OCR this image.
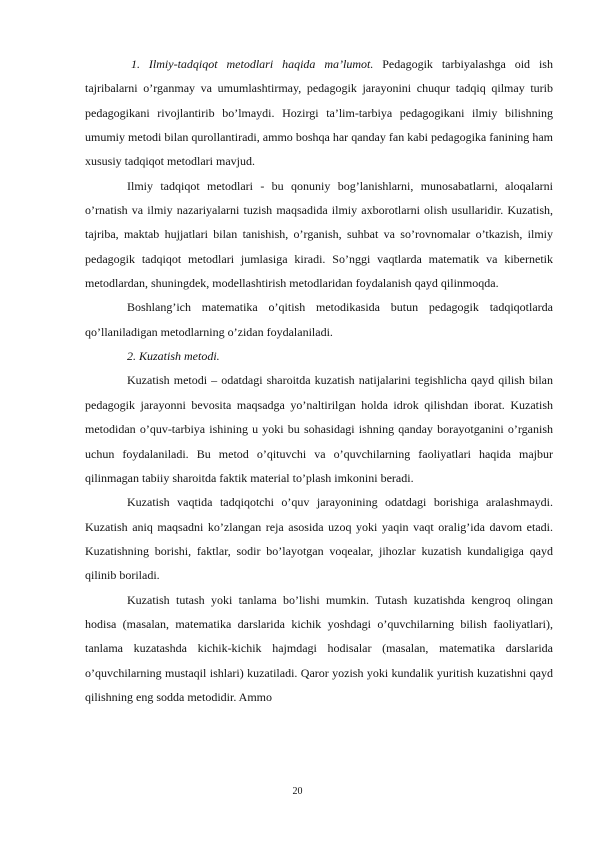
1. Ilmiy-tadqiqot metodlari haqida ma’lumot. Pedagogik tarbiyalashga oid ish tajribalarni o’rganmay va umumlashtirmay, pedagogik jarayonini chuqur tadqiq qilmay turib pedagogikani rivojlantirib bo’lmaydi. Hozirgi ta’lim-tarbiya pedagogikani ilmiy bilishning umumiy metodi bilan qurollantiradi, ammo boshqa har qanday fan kabi pedagogika fanining ham xususiy tadqiqot metodlari mavjud.

Ilmiy tadqiqot metodlari - bu qonuniy bog’lanishlarni, munosabatlarni, aloqalarni o’rnatish va ilmiy nazariyalarni tuzish maqsadida ilmiy axborotlarni olish usullaridir. Kuzatish, tajriba, maktab hujjatlari bilan tanishish, o’rganish, suhbat va so’rovnomalar o’tkazish, ilmiy pedagogik tadqiqot metodlari jumlasiga kiradi. So’nggi vaqtlarda matematik va kibernetik metodlardan, shuningdek, modellashtirish metodlaridan foydalanish qayd qilinmoqda.

Boshlang’ich matematika o’qitish metodikasida butun pedagogik tadqiqotlarda qo’llaniladigan metodlarning o’zidan foydalaniladi.

2. Kuzatish metodi.

Kuzatish metodi – odatdagi sharoitda kuzatish natijalarini tegishlicha qayd qilish bilan pedagogik jarayonni bevosita maqsadga yo’naltirilgan holda idrok qilishdan iborat. Kuzatish metodidan o’quv-tarbiya ishining u yoki bu sohasidagi ishning qanday borayotganini o’rganish uchun foydalaniladi. Bu metod o’qituvchi va o’quvchilarning faoliyatlari haqida majbur qilinmagan tabiiy sharoitda faktik material to’plash imkonini beradi.

Kuzatish vaqtida tadqiqotchi o’quv jarayonining odatdagi borishiga aralashmaydi. Kuzatish aniq maqsadni ko’zlangan reja asosida uzoq yoki yaqin vaqt oralig’ida davom etadi. Kuzatishning borishi, faktlar, sodir bo’layotgan voqealar, jihozlar kuzatish kundaligiga qayd qilinib boriladi.

Kuzatish tutash yoki tanlama bo’lishi mumkin. Tutash kuzatishda kengroq olingan hodisa (masalan, matematika darslarida kichik yoshdagi o’quvchilarning bilish faoliyatlari), tanlama kuzatashda kichik-kichik hajmdagi hodisalar (masalan, matematika darslarida o’quvchilarning mustaqil ishlari) kuzatiladi. Qaror yozish yoki kundalik yuritish kuzatishni qayd qilishning eng sodda metodidir. Ammo

20
